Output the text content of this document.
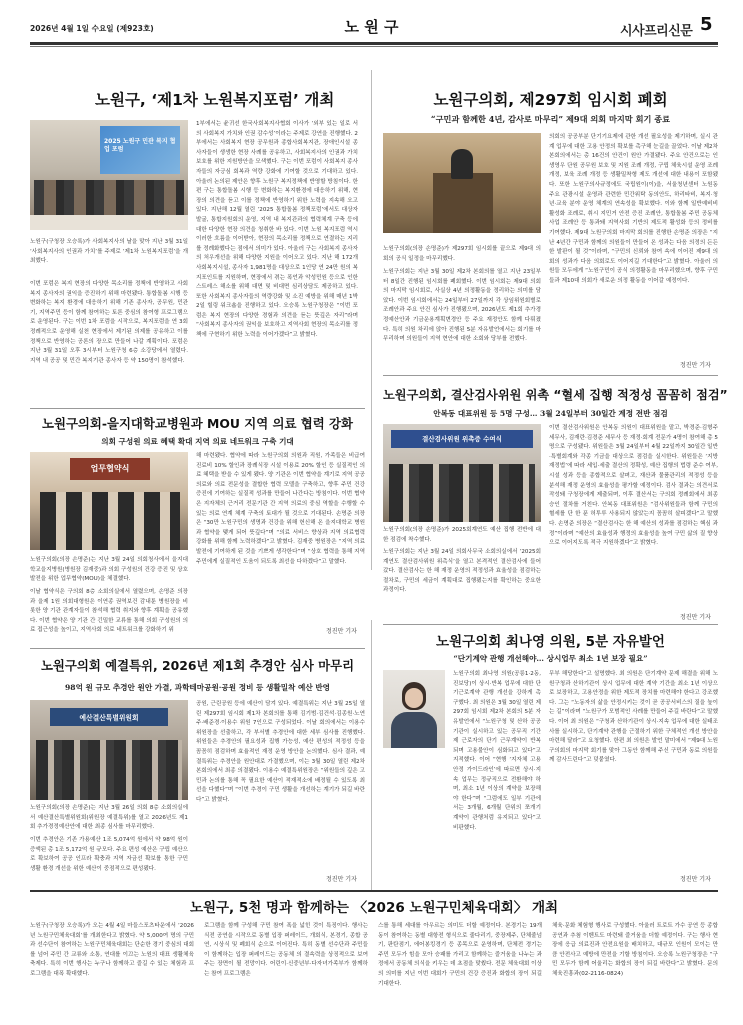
2026년 4월 1일 수요일 (제923호)	노 원 구	시사프리신문 5
노원구, ‘제1차 노원복지포럼’ 개최
2025 노원구 민관 복지 협업 포럼
노원구(구청장 오승록)가 사회복지사의 날을 맞아 지난 3월 31일 ‘사회복지사의 인권과 가치’를 주제로 ‘제1차 노원복지포럼’을 개최했다.
이번 포럼은 복지 현장의 다양한 목소리를 정책에 반영하고 사회복지 종사자의 권익을 증진하기 위해 마련됐다. 통합돌봄 시행 등 변화하는 복지 환경에 대응하기 위해 기존 종사자, 공무원, 민관기, 지역주민 등이 함께 참여하는 토론 중심의 참여형 프로그램으로 운영된다. 구는 이번 1차 포럼을 시작으로, 복지포럼을 연 3회 정례적으로 운영해 실천 현장에서 제기된 의제를 공유하고 이를 정책으로 반영하는 공론의 장으로 만들어 나갈 계획이다. 포럼은 지난 3월 31일 오후 3시부터 노원구청 6층 소강당에서 열렸다. 지역 내 공공 및 민간 복지기관 종사자 등 약 150명이 참석했다.
1부에서는 윤귀선 한국사회복지사협회 이사가 ‘외부 있는 일로 서의 사회복지 가치와 인권 감수성’이라는 주제로 강연을 진행했다. 2부에서는 사회복지 현장 공무원과 종합사회복지관, 장애인시설 종사자들이 생생한 현장 사례를 공유하고, 사회복지사의 인권과 가치 보호를 위한 지원방안을 모색했다. 구는 이번 포럼이 사회복지 종사자들의 자긍심 회복과 역량 강화에 기여할 것으로 기대하고 있다. 아울러 논의된 제안은 향후 노원구 복지정책에 반영할 방침이다. 한편 구는 통합돌봄 시행 등 변화하는 복지환경에 대응하기 위해, 현장의 의견을 듣고 이를 정책에 반영하기 위한 노력을 지속해 오고 있다. 지난해 12월 열린 ‘2025 통합돌봄 정책포럼’에서도 대상자발굴, 통합지원회의 운영, 지역 내 복지관과의 협력체계 구축 등에 대한 다양한 현장 의견을 청취한 바 있다. 이번 노원 복지포럼 역시 이러한 흐름을 이어받아, 현장의 목소리를 정책으로 연결하는 지리를 정례화했다는 점에서 의미가 있다. 아울러 구는 사회복지 종사자의 처우개선을 위해 다양한 지원을 이어오고 있다. 지난 해 172개 사회복지시설, 종사자 1,981명을 대상으로 1인당 연 24만 원의 복지포인트를 지원하며, 현장에서 겪는 폭언과 악성민원 등으로 인한 스트레스 해소를 위해 대면 및 비대면 심리상담도 제공하고 있다. 또한 사회복지 종사자들의 역량강화 및 소진 예방을 위해 매년 1박 2일 힐링 워크숍을 진행하고 있다. 오승록 노원구청장은 “이번 포럼은 복지 현장의 다양한 경험과 의견을 듣는 뜻깊은 자리”라며 “사회복지 종사자의 권익을 보호하고 지역사회 현장의 목소리를 정책에 구현하기 위한 노력을 이어가겠다”고 밝혔다.
노원구의회, 제297회 임시회 폐회
“구민과 함께한 4년, 감사로 마무리” 제9대 의회 마지막 회기 종료
노원구의회(의장 손명준)가 제297회 임시회를 끝으로 제9대 의회의 공식 일정을 마무리했다.
노원구의회는 지난 3월 30일 제2차 본회의를 열고 지난 23일부터 8일간 진행된 임시회를 폐회했다. 이번 임시회는 제9대 의회의 마지막 임시회로, 사실상 4년 의정활동을 정리하는 의미를 담았다. 이번 임시회에서는 24일부터 27일까지 각 상임위원회별로 조례안과 주요 안건 심사가 진행됐으며, 2026년도 제1회 추가경정예산안과 기금운용계획변경안 등 주요 재정안도 함께 다뤄졌다. 특히 의원 차리에 앉아 진행된 5분 자유발언에서는 회기를 마무리하며 의원들이 지역 현안에 대한 소회와 당부를 전했다.
의회의 공공부분 단기기요제에 관한 개선 필요성을 제기하며, 실시 관계 업무에 대한 고용 안정의 확보를 촉구해 눈길을 끌었다. 이날 제2차 본회의에서는 총 16건의 안건이 원안 가결됐다. 주요 안건으로는 인생영우 단원 공무원 보호 및 지원 조례 개정, 구립 체육시설 운영 조례 개정, 보육 조례 개정 등 생활밀착형 제도 개선에 대한 내용이 포함됐다. 또한 노원구의사규정에도 국립원이(이)을, 서울청년센터 노원동 주요 관광시설 운영과 관련한 민간위탁 동의안도, 하리타비, 복지·청년·교육 분야 운영 체계의 연속성을 확보했다. 이와 함께 일반예비비 활성화 조례로, 취시 지민거 안전 증진 조례안, 통합돌봄 주민 공동체 사업 조례안 등 통과돼 지역사회 기반의 제도적 활성화 등의 정비를 기여했다. 제9대 노원구의회 마지막 회의를 진행한 손명준 의장은 “지난 4년간 구민과 함께의 의원들이 만들어 온 성과는 다음 의정의 든든한 발판이 될 것”이라며, “구민의 신뢰와 참여 속에 이어진 제9대 의회의 성과가 다음 의회로도 이어지길 기대한다”고 밝혔다. 아울러 의원들 모두에게 “노원구민이 공식 의정활동을 마무리했으며, 향후 구민들과 제10대 의회가 새로운 의정 활동을 이어갈 예정이다.
정진만 기자
노원구의회, 결산검사위원 위촉 “혈세 집행 적정성 꼼꼼히 점검”
안복동 대표위원 등 5명 구성… 3월 24일부터 30일간 계정 전반 점검
결산검사위원 위촉증 수여식
노원구의회(의장 손명준)가 2025회계연도 예산 집행 전반에 대한 점검에 착수했다.
노원구의회는 지난 3월 24일 의회사무국 소회의실에서 ‘2025회계연도 결산검사위원 위촉식’을 열고 본격적인 결산검사에 들어갔다. 결산검사는 한 해 재정 운영의 적정성과 효율성을 점검하는 절차로, 구민의 세금이 계획대로 집행됐는지를 확인하는 중요한 과정이다.
이번 결산검사위원은 안복동 의원이 대표위원을 맡고, 박경준·김형주 세무사, 김재란·김경준 세무사 등 재정·회계 전문가 4명이 참여해 총 5명으로 구성됐다. 위원들은 3월 24일부터 4월 22일까지 30일간 일반·특별회계와 각종 기금을 대상으로 점검을 실시한다. 위원들은 ‘지방재정법’에 따라 세입·세출 결산의 정확성, 예산 집행의 법령 준수 여부, 시설 성과 등을 종합적으로 살펴고, 재산과 물품관리의 적정성 등을 분석해 재정 운영의 효율성을 평가할 예정이다. 검사 결과는 의견서로 작성돼 구청장에게 제출되며, 이후 결산서는 구의회 정례회에서 최종 승인 절차를 거친다. 안복동 대표위원은 “검사위원들과 함께 구민의 혈세를 단 한 푼 허투루 사용되지 않았는지 꼼꼼히 살피겠다”고 말했다. 손명준 의장은 “결산검사는 한 해 예산의 성과를 점검하는 핵심 과정”이라며 “예산의 효율성과 행정의 효율성을 높여 구민 삶의 질 향상으로 이어지도록 적극 지원하겠다”고 밝혔다.
정진만 기자
노원구의회-을지대학교병원과 MOU 지역 의료 협력 강화
의회 구성원 의료 혜택 확대 지역 의료 네트워크 구축 기대
업무협약식
노원구의회(의장 손명준)는 지난 3월 24일 의회청사에서 을지대학교을지병원(병원장 김재중)과 의회 구성원의 건강 증진 및 상호 발전을 위한 업무협약(MOU)을 체결했다.
이날 협약식은 구의회 8층 소회의실에서 열렸으며, 손명준 의장과 을제 1원 의회대형원은 이연종 권역보건 감내툰 병원장을 비롯한 양 기관 관계자들이 참석해 협력 취지와 향후 계획을 공유했다. 이번 협약은 양 기관 간 긴밀한 교류를 통해 의회 구성원의 의료 접근성을 높이고, 지역사회 의료 네트워크를 강화하기 위
해 마련됐다. 협약에 따라 노원구의회 의원과 직원, 가족들은 비급여 진료비 10% 할인과 장례식장 시설 이용료 20% 할인 등 실질적인 의료 혜택을 받을 수 있게 됐다. 양 기관은 이번 협약을 계기로 지역 공공의료와 의료 전문성을 결합한 협력 모델을 구축하고, 향후 주민 건강 증진에 기여하는 실질적 성과를 만들어 나간다는 방침이다. 이번 협약은 지자체의 근거리 전문기관 간 지역 의료의 중심 역할을 수행할 수 있는 의료 연계 체계 구축의 토대가 될 것으로 기대된다. 손명준 의장은 “30만 노원구민의 생명과 건강을 위해 헌신해 온 을지대학교 병원과 협약을 맺게 되어 뜻깊다”며 “의료 서비스 향상과 지역 의료협력 강화를 위해 함께 노력하겠다”고 밝혔다. 김재중 병원장은 “지역 의료 발전에 기여하게 된 것을 기쁘게 생각한다”며 “상호 협력을 통해 지역 주민에게 실질적인 도움이 되도록 최선을 다하겠다”고 말했다.
정진만 기자
노원구의회 예결특위, 2026년 제1회 추경안 심사 마무리
98억 원 규모 추경안 원안 가결, 과학테마공원·공원 정비 등 생활밀착 예산 반영
예산결산특별위원회
노원구의회(의장 손명준)는 지난 3월 26일 의회 8층 소회의실에서 예산결산특별위원회(위원장 예결특위)를 열고 2026년도 제1회 추가경정예산안에 대한 최종 심사를 마무리했다.
이번 추경안은 기존 가용예산 1조 5,074억 원에서 약 98억 원이 증액된 총 1조 5,172억 원 규모다. 주요 편성 예산은 구립 예산으로 확보하여 공공 인프라 확충과 지역 자금선 확보를 통한 구민 생활 환경 개선을 위한 예산이 중점적으로 편성됐다.
공원, 근린공원 등에 예산이 담겨 있다. 예결특위는 지난 3월 25일 열린 제297회 임시회 제1차 본회의를 통해 김기범·김건석·김종원·노연주·배준경·이용수 위원 7인으로 구성되었다. 이날 회의에서는 이용수 위원장을 선출하고, 각 부서별 추경안에 대한 세부 심사를 진행했다. 위원들은 추경안의 필요성과 집행 가능성, 예산 편성의 적정성 등을 꼼꼼히 점검하며 효율적인 재정 운영 방안을 논의했다. 심사 결과, 예결특위는 추경안을 원안대로 가결했으며, 이는 3월 30일 열린 제2차 본회의에서 최종 의결됐다. 이용수 예결특위원장은 “위원들의 깊은 고민과 논의를 통해 꼭 필요한 예산이 적재적소에 배정될 수 있도록 최선을 다했다”며 “이번 추경이 구민 생활을 개선하는 계기가 되길 바란다”고 밝혔다.
정진만 기자
노원구의회 최나영 의원, 5분 자유발언
“단기계약 관행 개선해야… 상시업무 최소 1년 보장 필요”
노원구의회 최나영 의원(공릉1·2동, 진보당)이 상시·반복 업무에 대한 단기근로계약 관행 개선을 강하게 촉구했다. 최 의원은 3월 30일 열린 제297회 임시회 제2차 본회의 5분 자유발언에서 “노원구청 및 산하 공공기관이 실시하고 있는 공무직 기간제 근로자의 단기 근무계약이 반복되며 고용불안이 심화되고 있다”고 지적했다. 이어 “현행 ‘지자체 고용안정 가이드라인’에 따르면 상시·지속 업무는 정규직으로 전환해야 하며, 최소 1년 이상의 계약을 보장해야 한다”며 “그럼에도 일부 기관에서는 3개월, 6개월 단위의 쪼개기 계약이 관행처럼 유지되고 있다”고 비판했다.
무부 해당한다”고 설명했다. 최 의원은 단기계약 문제 해결을 위해 노원구청과 산하기관이 상시 업무에 대한 계약 기간을 최소 1년 이상으로 보장하고, 고용안정을 위한 제도적 장치를 마련해야 한다고 강조했다. 그는 “노동자의 삶을 안정시키는 것이 곧 공공서비스의 질을 높이는 길”이라며 “노원구가 모범적인 사례를 만들어 주길 바란다”고 말했다. 이어 최 의원은 “구청과 산하기관이 상시·지속 업무에 대한 실태조사를 실시하고, 단기계약 관행을 근절하기 위한 구체적인 개선 방안을 마련해 달라”고 요청했다. 한편 최 의원은 발언 말미에서 “제9대 노원구의회의 마지막 회기를 맞아 그동안 함께해 주신 구민과 동료 의원들께 감사드린다”고 덧붙였다.
정진만 기자
노원구, 5천 명과 함께하는 〈2026 노원구민체육대회〉 개최
노원구(구청장 오승록)가 오는 4월 4일 마들스포츠타운에서 ‘2026년 노원구민체육대회’를 개최한다고 밝혔다. 약 5,000여 명의 구민과 선수단이 참여하는 노원구민체육대회는 단순한 경기 중심의 대회를 넘어 주민 간 교류와 소통, 연대를 이끄는 노원의 대표 생활체육 축제다. 특히 이번 행사는 누구나 함께하고 즐길 수 있는 체험과 프로그램을 대폭 확대했다.
로그램을 함께 구성해 구민 참여 폭을 넓힌 것이 특징이다. 행사는 식전 공연을 시작으로 동별 입장 퍼레이드, 개회식, 본경기, 종합 공연, 시상식 및 폐회식 순으로 이어진다. 특히 동별 선수단과 주민들이 함께하는 입장 퍼레이드는 공동체 의 결속력을 상징적으로 보여주는 장면이 될 전망이다. 어린이·신중년부·다자녀가족부가 함께하는 참여 프로그램은
스를 통해 세대를 아우르는 의미도 더할 예정이다. 본경기는 19개 동이 참여하는 동별 대항전 형식으로 줄다리기, 중장제주, 단체줄넘기, 판탄점기, 에어봉킹경기 등 종목으로 운영하며, 단체전 경기는 주민 모두가 힘을 모아 승패를 가리고 함께하는 즐거움을 나누는 과정에서 공동체 의식을 키우는 데 초점을 맞췄다. 전문 체육대회 이상의 의미를 지닌 이번 대회가 구민의 건강 증진과 화합의 장이 되길 기대한다.
체육·문화 체험형 행사로 구성했다. 아울러 트로트 가수 공연 등 종합공연과 추첨 이벤트도 마련돼 즐거움을 더할 예정이다. 구는 행사 현장에 응급 의료진과 안전요원을 배치하고, 대규모 인원이 모이는 만큼 안전사고 예방에 만전을 기할 방침이다. 오승록 노원구청장은 “구민 모두가 함께 어울리는 화합의 장이 되길 바란다”고 밝혔다. 문의 체육진흥과(02-2116-0824)
